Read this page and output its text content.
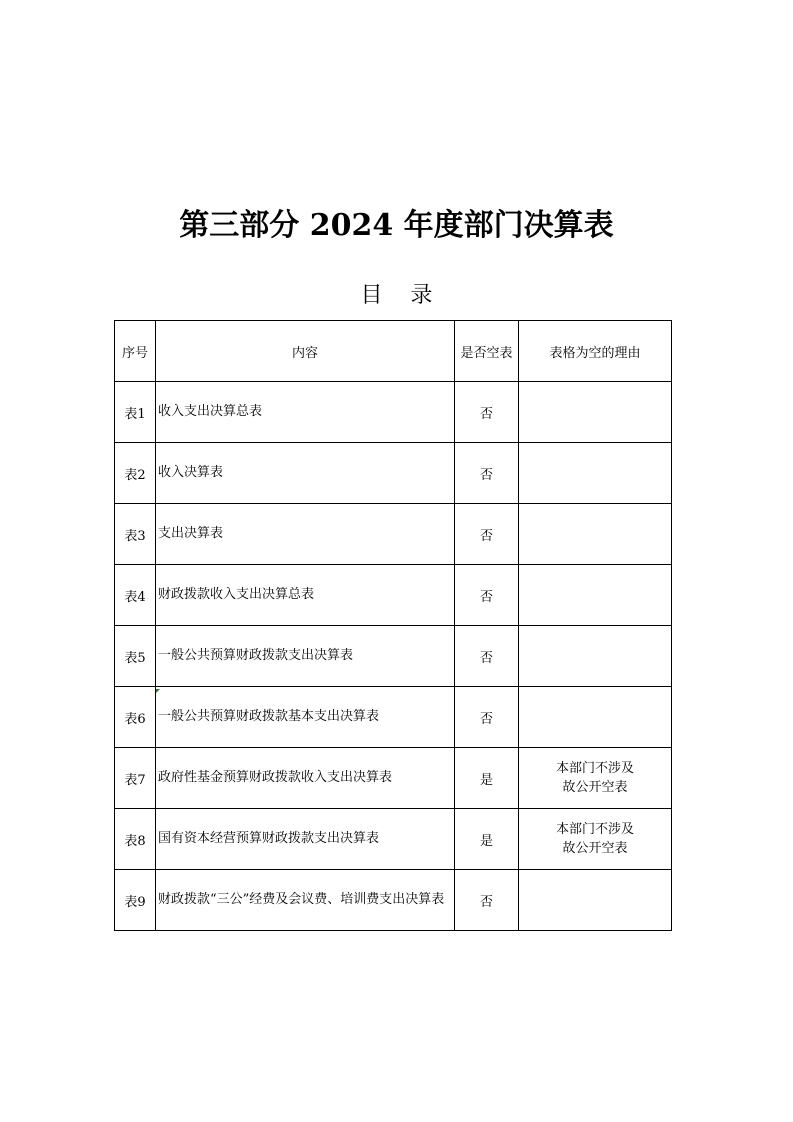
第三部分 2024 年度部门决算表
目 录
序号	内容	是否空表	表格为空的理由
表1	收入支出决算总表	否	

表2	收入决算表	否	

表3	支出决算表	否	

表4	财政拨款收入支出决算总表	否	

表5	一般公共预算财政拨款支出决算表	否	

表6	一般公共预算财政拨款基本支出决算表	否	

表7	政府性基金预算财政拨款收入支出决算表	是	本部门不涉及
故公开空表

表8	国有资本经营预算财政拨款支出决算表	是	本部门不涉及
故公开空表

表9	财政拨款“三公”经费及会议费、培训费支出决算表	否	
